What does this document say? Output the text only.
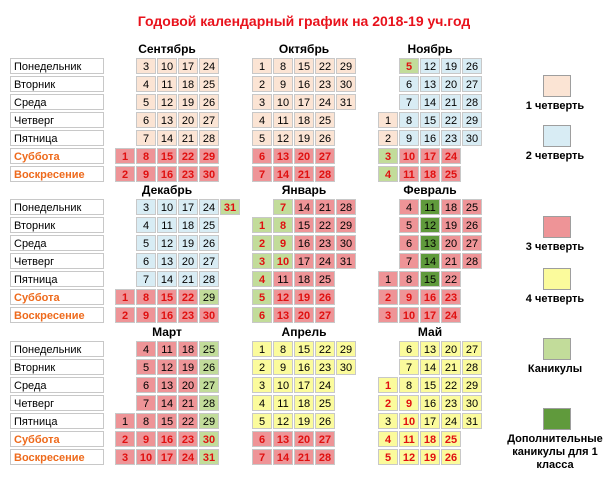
Годовой календарный график на 2018-19 уч.год
Понедельник
Вторник
Среда
Четверг
Пятница
Суббота
Воскресение
Сентябрь
1
2
3
4
5
6
7
8
9
10
11
12
13
14
15
16
17
18
19
20
21
22
23
24
25
26
27
28
29
30
Октябрь
1
2
3
4
5
6
7
8
9
10
11
12
13
14
15
16
17
18
19
20
21
22
23
24
25
26
27
28
29
30
31
Ноябрь
1
2
3
4
5
6
7
8
9
10
11
12
13
14
15
16
17
18
19
20
21
22
23
24
25
26
27
28
29
30
Понедельник
Вторник
Среда
Четверг
Пятница
Суббота
Воскресение
Декабрь
1
2
3
4
5
6
7
8
9
10
11
12
13
14
15
16
17
18
19
20
21
22
23
24
25
26
27
28
29
30
31
Январь
1
2
3
4
5
6
7
8
9
10
11
12
13
14
15
16
17
18
19
20
21
22
23
24
25
26
27
28
29
30
31
Февраль
1
2
3
4
5
6
7
8
9
10
11
12
13
14
15
16
17
18
19
20
21
22
23
24
25
26
27
28
Понедельник
Вторник
Среда
Четверг
Пятница
Суббота
Воскресение
Март
1
2
3
4
5
6
7
8
9
10
11
12
13
14
15
16
17
18
19
20
21
22
23
24
25
26
27
28
29
30
31
Апрель
1
2
3
4
5
6
7
8
9
10
11
12
13
14
15
16
17
18
19
20
21
22
23
24
25
26
27
28
29
30
Май
1
2
3
4
5
6
7
8
9
10
11
12
13
14
15
16
17
18
19
20
21
22
23
24
25
26
27
28
29
30
31
1 четверть
2 четверть
3 четверть
4 четверть
Каникулы
Дополнительные каникулы для 1 класса
